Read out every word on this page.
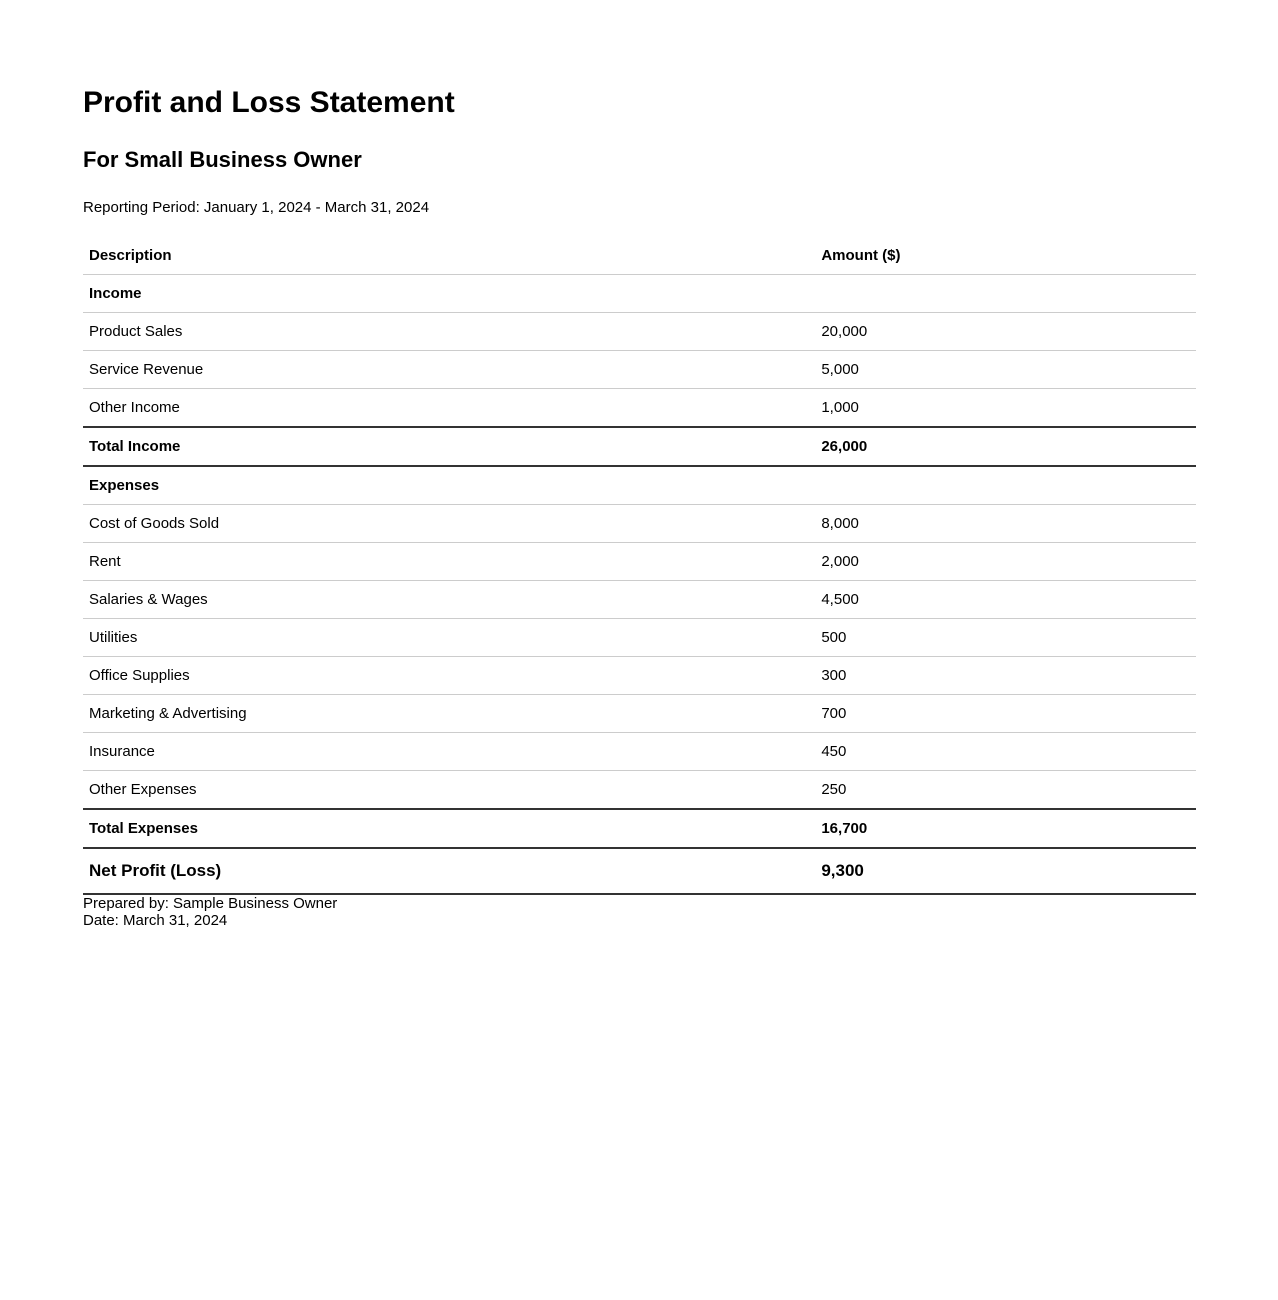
Profit and Loss Statement
For Small Business Owner

Reporting Period: January 1, 2024 - March 31, 2024

Description	Amount ($)
Income	
Product Sales	20,000
Service Revenue	5,000
Other Income	1,000
Total Income	26,000
Expenses	
Cost of Goods Sold	8,000
Rent	2,000
Salaries & Wages	4,500
Utilities	500
Office Supplies	300
Marketing & Advertising	700
Insurance	450
Other Expenses	250
Total Expenses	16,700
Net Profit (Loss)	9,300

Prepared by: Sample Business Owner

Date: March 31, 2024
